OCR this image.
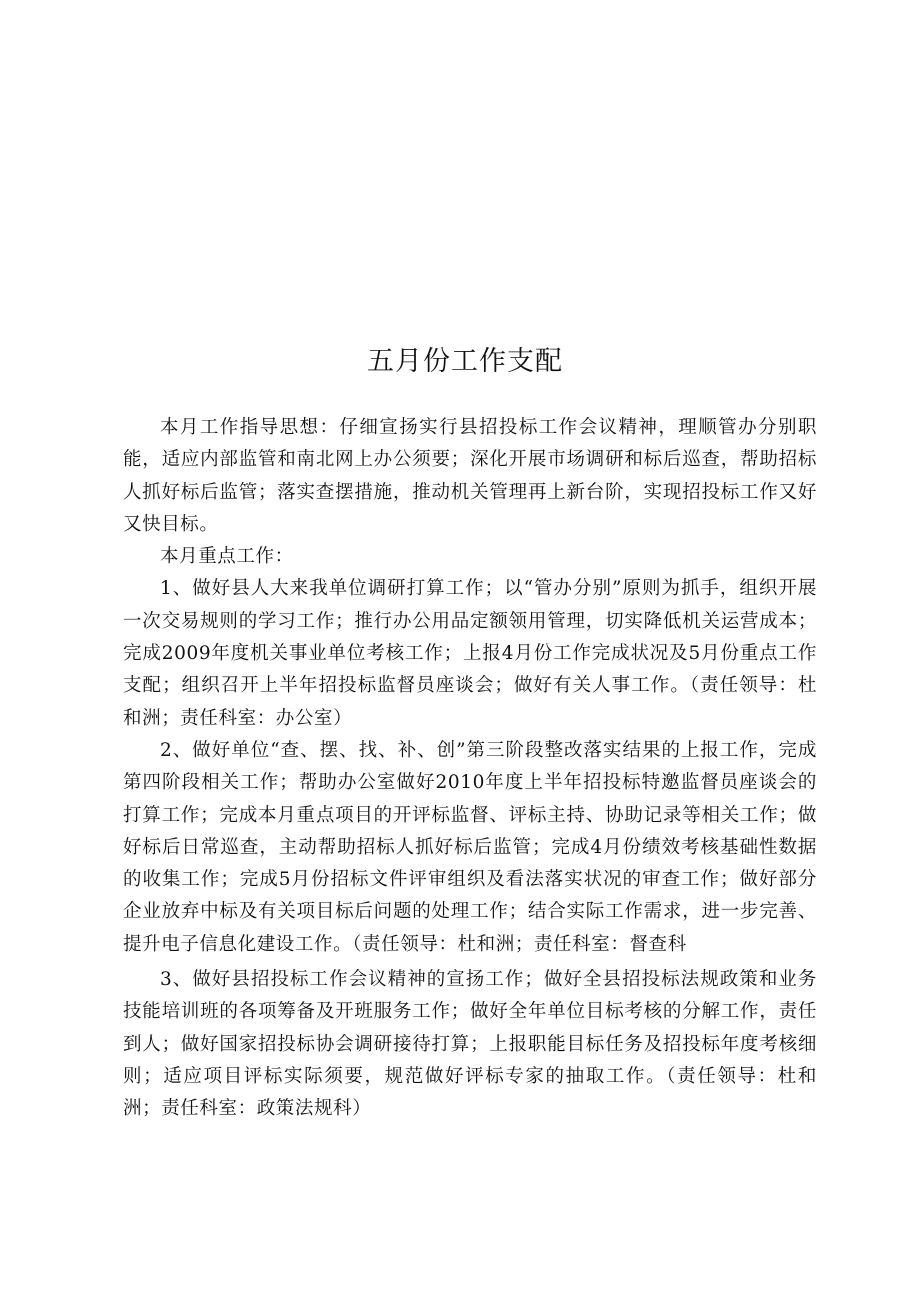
五月份工作支配

本月工作指导思想：仔细宣扬实行县招投标工作会议精神，理顺管办分别职能，适应内部监管和南北网上办公须要；深化开展市场调研和标后巡查，帮助招标人抓好标后监管；落实查摆措施，推动机关管理再上新台阶，实现招投标工作又好又快目标。

本月重点工作：

1、做好县人大来我单位调研打算工作；以“管办分别”原则为抓手，组织开展一次交易规则的学习工作；推行办公用品定额领用管理，切实降低机关运营成本；完成2009年度机关事业单位考核工作；上报4月份工作完成状况及5月份重点工作支配；组织召开上半年招投标监督员座谈会；做好有关人事工作。（责任领导：杜和洲；责任科室：办公室）

2、做好单位“查、摆、找、补、创”第三阶段整改落实结果的上报工作，完成第四阶段相关工作；帮助办公室做好2010年度上半年招投标特邀监督员座谈会的打算工作；完成本月重点项目的开评标监督、评标主持、协助记录等相关工作；做好标后日常巡查，主动帮助招标人抓好标后监管；完成4月份绩效考核基础性数据的收集工作；完成5月份招标文件评审组织及看法落实状况的审查工作；做好部分企业放弃中标及有关项目标后问题的处理工作；结合实际工作需求，进一步完善、提升电子信息化建设工作。（责任领导：杜和洲；责任科室：督查科

3、做好县招投标工作会议精神的宣扬工作；做好全县招投标法规政策和业务技能培训班的各项筹备及开班服务工作；做好全年单位目标考核的分解工作，责任到人；做好国家招投标协会调研接待打算；上报职能目标任务及招投标年度考核细则；适应项目评标实际须要，规范做好评标专家的抽取工作。（责任领导：杜和洲；责任科室：政策法规科）
